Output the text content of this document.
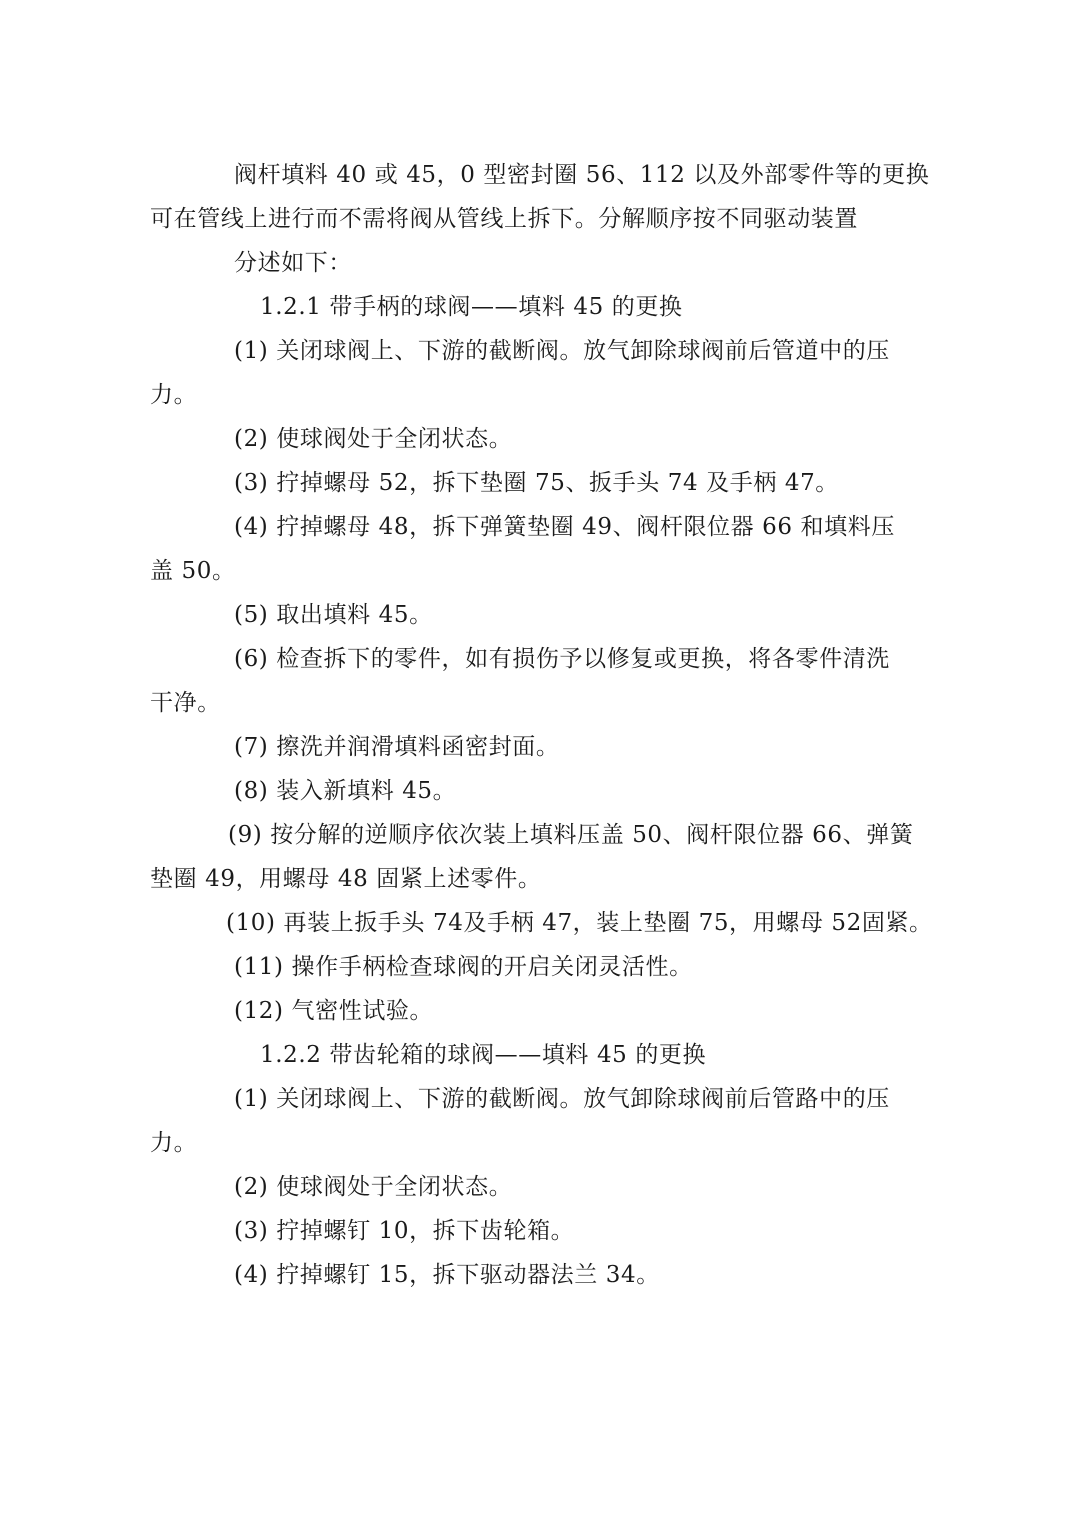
阀杆填料 40 或 45，0 型密封圈 56、112 以及外部零件等的更换
可在管线上进行而不需将阀从管线上拆下。分解顺序按不同驱动装置
分述如下：
1.2.1 带手柄的球阀——填料 45 的更换
(1) 关闭球阀上、下游的截断阀。放气卸除球阀前后管道中的压
力。
(2) 使球阀处于全闭状态。
(3) 拧掉螺母 52，拆下垫圈 75、扳手头 74 及手柄 47。
(4) 拧掉螺母 48，拆下弹簧垫圈 49、阀杆限位器 66 和填料压
盖 50。
(5) 取出填料 45。
(6) 检查拆下的零件，如有损伤予以修复或更换，将各零件清洗
干净。
(7) 擦洗并润滑填料函密封面。
(8) 装入新填料 45。
(9) 按分解的逆顺序依次装上填料压盖 50、阀杆限位器 66、弹簧
垫圈 49，用螺母 48 固紧上述零件。
(10) 再装上扳手头 74及手柄 47，装上垫圈 75，用螺母 52固紧。
(11) 操作手柄检查球阀的开启关闭灵活性。
(12) 气密性试验。
1.2.2 带齿轮箱的球阀——填料 45 的更换
(1) 关闭球阀上、下游的截断阀。放气卸除球阀前后管路中的压
力。
(2) 使球阀处于全闭状态。
(3) 拧掉螺钉 10，拆下齿轮箱。
(4) 拧掉螺钉 15，拆下驱动器法兰 34。
